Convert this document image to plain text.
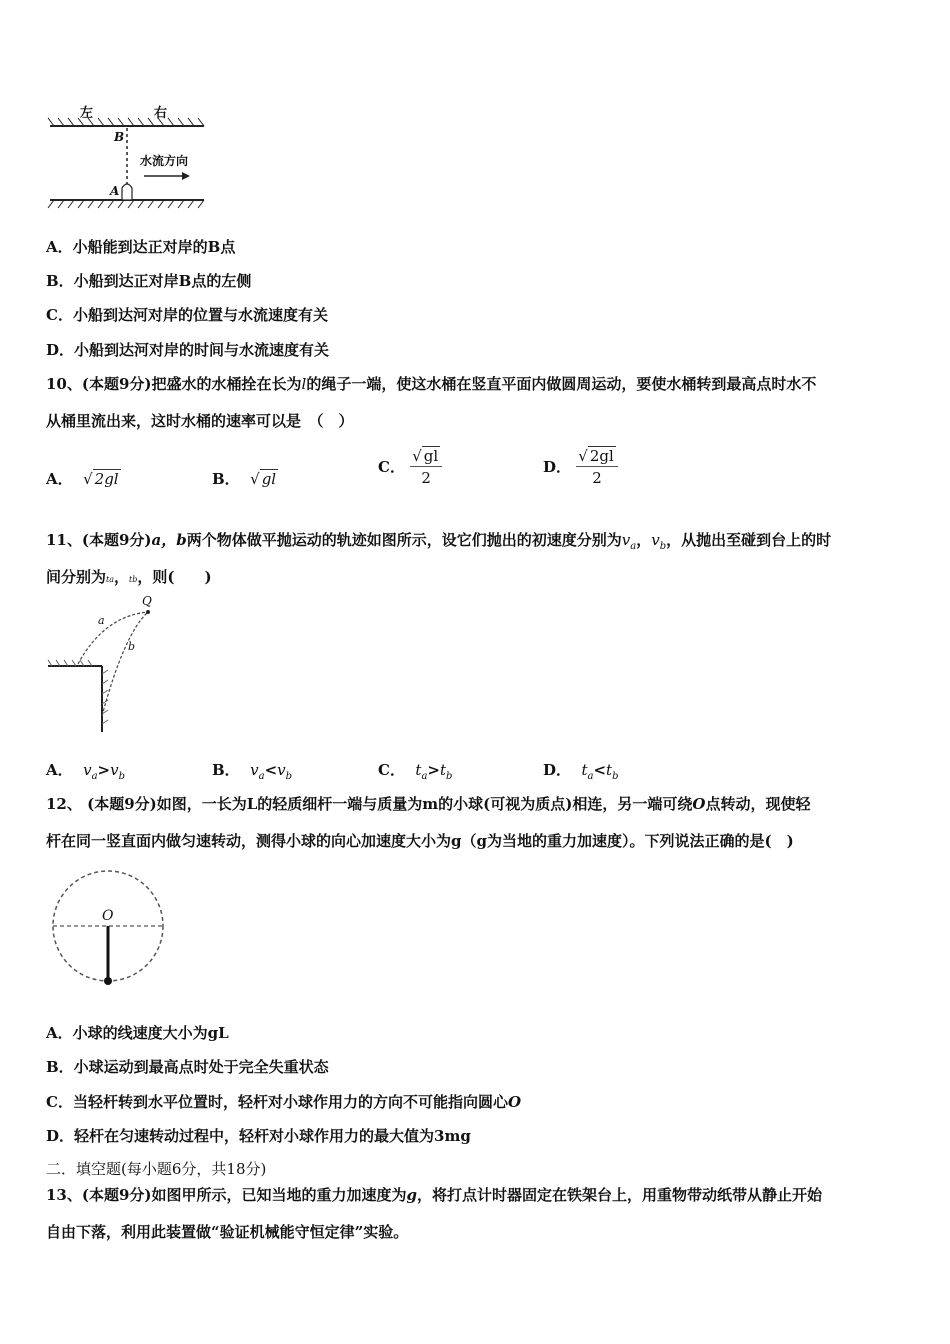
左	右
B
A
水流方向
A．小船能到达正对岸的B点
B．小船到达正对岸B点的左侧
C．小船到达河对岸的位置与水流速度有关
D．小船到达河对岸的时间与水流速度有关
10、(本题9分)把盛水的水桶拴在长为l的绳子一端，使这水桶在竖直平面内做圆周运动，要使水桶转到最高点时水不
从桶里流出来，这时水桶的速率可以是　（　）
A． √ 2gl	B． √ gl
C． $\frac{√ gl}{2}$	D． $\frac{√ 2gl}{2}$
11、(本题9分)a，b两个物体做平抛运动的轨迹如图所示，设它们抛出的初速度分别为$v_a$，$v_b$，从抛出至碰到台上的时
间分别为ta，tb，则(　　)
Q
a
b
A． $v_a>v_b$	B． $v_a<v_b$	C． $t_a>t_b$	D． $t_a<t_b$
12、 (本题9分)如图，一长为L的轻质细杆一端与质量为m的小球(可视为质点)相连，另一端可绕O点转动，现使轻
杆在同一竖直面内做匀速转动，测得小球的向心加速度大小为g（g为当地的重力加速度）。下列说法正确的是(　)
O
A．小球的线速度大小为gL
B．小球运动到最高点时处于完全失重状态
C．当轻杆转到水平位置时，轻杆对小球作用力的方向不可能指向圆心O
D．轻杆在匀速转动过程中，轻杆对小球作用力的最大值为3mg
二．填空题(每小题6分，共18分)
13、(本题9分)如图甲所示，已知当地的重力加速度为g，将打点计时器固定在铁架台上，用重物带动纸带从静止开始
自由下落，利用此装置做“验证机械能守恒定律”实验。
